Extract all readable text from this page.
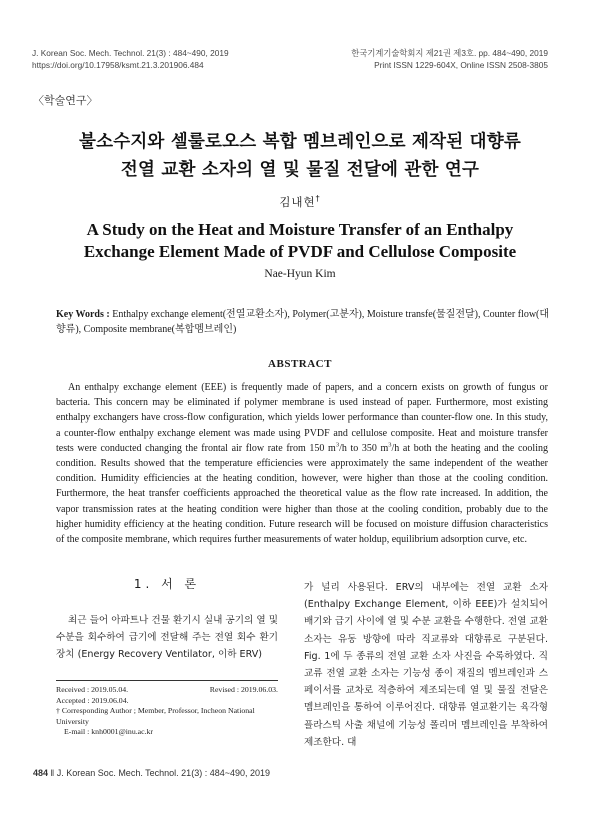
J. Korean Soc. Mech. Technol. 21(3) : 484~490, 2019
https://doi.org/10.17958/ksmt.21.3.201906.484
한국기계기술학회지 제21권 제3호. pp. 484~490, 2019
Print ISSN 1229-604X, Online ISSN 2508-3805
〈학술연구〉
불소수지와 셀룰로오스 복합 멤브레인으로 제작된 대향류
전열 교환 소자의 열 및 물질 전달에 관한 연구
김내현†
A Study on the Heat and Moisture Transfer of an Enthalpy
Exchange Element Made of PVDF and Cellulose Composite
Nae-Hyun Kim
Key Words : Enthalpy exchange element(전열교환소자), Polymer(고분자), Moisture transfe(물질전달), Counter flow(대향류), Composite membrane(복합멤브레인)
ABSTRACT

An enthalpy exchange element (EEE) is frequently made of papers, and a concern exists on growth of fungus or bacteria. This concern may be eliminated if polymer membrane is used instead of paper. Furthermore, most existing enthalpy exchangers have cross-flow configuration, which yields lower performance than counter-flow one. In this study, a counter-flow enthalpy exchange element was made using PVDF and cellulose composite. Heat and moisture transfer tests were conducted changing the frontal air flow rate from 150 $m^3/h$ to 350 $m^3/h$ at both the heating and the cooling condition. Results showed that the temperature efficiencies were approximately the same independent of the weather condition. Humidity efficiencies at the heating condition, however, were higher than those at the cooling condition. Furthermore, the heat transfer coefficients approached the theoretical value as the flow rate increased. In addition, the vapor transmission rates at the heating condition were higher than those at the cooling condition, probably due to the higher humidity efficiency at the heating condition. Future research will be focused on moisture diffusion characteristics of the composite membrane, which requires further measurements of water holdup, equilibrium adsorption curve, etc.

1. 서 론

최근 들어 아파트나 건물 환기시 실내 공기의 열 및 수분을 회수하여 급기에 전달해 주는 전열 회수 환기 장치 (Energy Recovery Ventilator, 이하 ERV)

가 널리 사용된다. ERV의 내부에는 전열 교환 소자(Enthalpy Exchange Element, 이하 EEE)가 설치되어 배기와 급기 사이에 열 및 수분 교환을 수행한다. 전열 교환 소자는 유동 방향에 따라 직교류와 대향류로 구분된다. Fig. 1에 두 종류의 전열 교환 소자 사진을 수록하였다. 직교류 전열 교환 소자는 기능성 종이 재질의 멤브레인과 스페이서를 교차로 적층하여 제조되는데 열 및 물질 전달은 멤브레인을 통하여 이루어진다. 대향류 열교환기는 육각형 플라스틱 사출 채널에 기능성 폴리머 멤브레인을 부착하여 제조한다. 대

Received : 2019.05.04.	Revised : 2019.06.03.
Accepted : 2019.06.04.
† Corresponding Author ; Member, Professor, Incheon National University
E-mail : knh0001@inu.ac.kr
484 ‖ J. Korean Soc. Mech. Technol. 21(3) : 484~490, 2019
